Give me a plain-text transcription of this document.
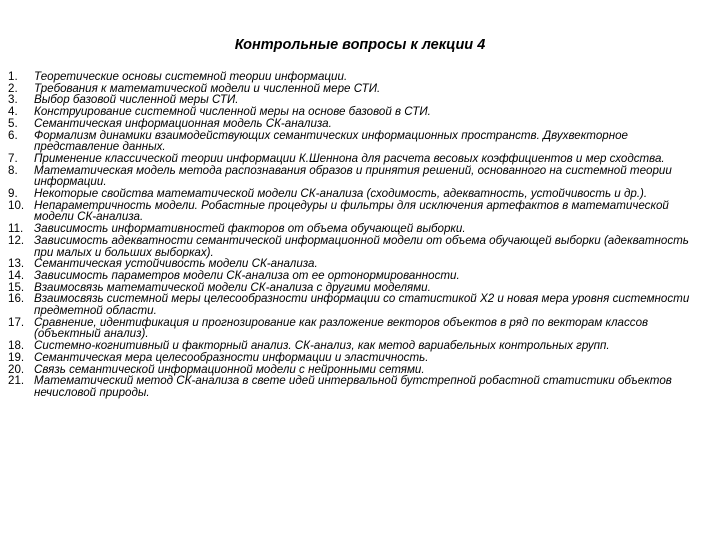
Контрольные вопросы к лекции 4
1.	Теоретические основы системной теории информации.
2.	Требования к математической модели и численной мере СТИ.
3.	Выбор базовой численной меры СТИ.
4.	Конструирование системной численной меры на основе базовой в СТИ.
5.	Семантическая информационная модель СК-анализа.
6.	Формализм динамики взаимодействующих семантических информационных пространств. Двухвекторное представление данных.
7.	Применение классической теории информации К.Шеннона для расчета весовых коэффициентов и мер сходства.
8.	Математическая модель метода распознавания образов и принятия решений, основанного на системной теории информации.
9.	Некоторые свойства математической модели СК-анализа (сходимость, адекватность, устойчивость и др.).
10. Непараметричность модели. Робастные процедуры и фильтры для исключения артефактов в математической модели СК-анализа.
11. Зависимость информативностей факторов от объема обучающей выборки.
12. Зависимость адекватности семантической информационной модели от объема обучающей выборки (адекватность при малых и больших выборках).
13. Семантическая устойчивость модели СК-анализа.
14. Зависимость параметров модели СК-анализа от ее ортонормированности.
15. Взаимосвязь математической модели СК-анализа с другими моделями.
16. Взаимосвязь системной меры целесообразности информации со статистикой Х2 и новая мера уровня системности предметной области.
17. Сравнение, идентификация и прогнозирование как разложение векторов объектов в ряд по векторам классов (объектный анализ).
18. Системно-когнитивный и факторный анализ. СК-анализ, как метод вариабельных контрольных групп.
19. Семантическая мера целесообразности информации и эластичность.
20. Связь семантической информационной модели с нейронными сетями.
21. Математический метод СК-анализа в свете идей интервальной бутстрепной робастной статистики объектов нечисловой природы.
